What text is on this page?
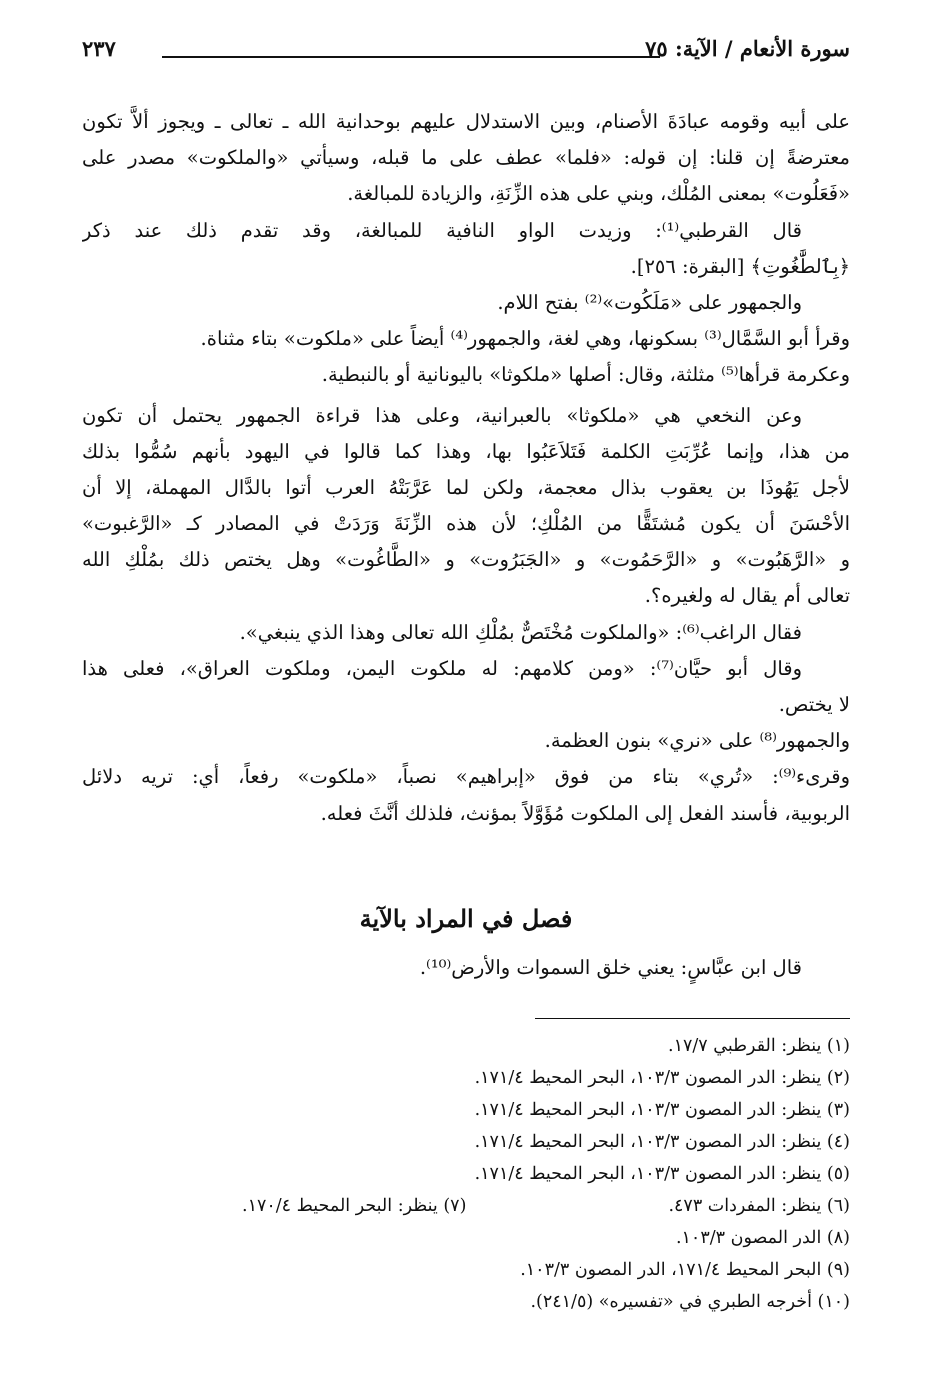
سورة الأنعام / الآية: ٧٥
٢٣٧
على أبيه وقومه عبادَةَ الأصنام، وبين الاستدلال عليهم بوحدانية الله ـ تعالى ـ ويجوز ألاَّ تكون
معترضةً إن قلنا: إن قوله: «فلما» عطف على ما قبله، وسيأتي «والملكوت» مصدر على
«فَعَلُوت» بمعنى المُلْك، وبني على هذه الزِّنَةِ، والزيادة للمبالغة.
قال القرطبي⁽¹⁾: وزيدت الواو النافية للمبالغة، وقد تقدم ذلك عند ذكر
﴿بِٱلطَّٰغُوتِ﴾ [البقرة: ٢٥٦].
والجمهور على «مَلَكُوت»⁽²⁾ بفتح اللام.
وقرأ أبو السَّمَّال⁽³⁾ بسكونها، وهي لغة، والجمهور⁽⁴⁾ أيضاً على «ملكوت» بتاء مثناة.
وعكرمة قرأها⁽⁵⁾ مثلثة، وقال: أصلها «ملكوثا» باليونانية أو بالنبطية.
وعن النخعي هي «ملكوثا» بالعبرانية، وعلى هذا قراءة الجمهور يحتمل أن تكون
من هذا، وإنما عُرِّبَتِ الكلمة فَتَلاَعَبُوا بها، وهذا كما قالوا في اليهود بأنهم سُمُّوا بذلك
لأجل يَهُوذَا بن يعقوب بذال معجمة، ولكن لما عَرَّبَتْهُ العرب أتوا بالدَّال المهملة، إلا أن
الأحْسَنَ أن يكون مُشتَقًّا من المُلْكِ؛ لأن هذه الزِّنَةَ وَرَدَتْ في المصادر كـ «الرَّغبوت»
و «الرَّهَبُوت» و «الرَّحَمُوت» و «الجَبَرُوت» و «الطَّاغُوت» وهل يختص ذلك بمُلْكِ الله
تعالى أم يقال له ولغيره؟.
فقال الراغب⁽⁶⁾: «والملكوت مُخْتَصٌّ بمُلْكِ الله تعالى وهذا الذي ينبغي».
وقال أبو حيَّان⁽⁷⁾: «ومن كلامهم: له ملكوت اليمن، وملكوت العراق»، فعلى هذا
لا يختص.
والجمهور⁽⁸⁾ على «نري» بنون العظمة.
وقرىء⁽⁹⁾: «تُري» بتاء من فوق «إبراهيم» نصباً، «ملكوت» رفعاً، أي: تريه دلائل
الربوبية، فأسند الفعل إلى الملكوت مُؤَوَّلاً بمؤنث، فلذلك أنَّثَ فعله.
فصل في المراد بالآية
قال ابن عبَّاسٍ: يعني خلق السموات والأرض⁽¹⁰⁾.
(١) ينظر: القرطبي ١٧/٧.
(٢) ينظر: الدر المصون ١٠٣/٣، البحر المحيط ١٧١/٤.
(٣) ينظر: الدر المصون ١٠٣/٣، البحر المحيط ١٧١/٤.
(٤) ينظر: الدر المصون ١٠٣/٣، البحر المحيط ١٧١/٤.
(٥) ينظر: الدر المصون ١٠٣/٣، البحر المحيط ١٧١/٤.
(٦) ينظر: المفردات ٤٧٣.
(٧) ينظر: البحر المحيط ١٧٠/٤.
(٨) الدر المصون ١٠٣/٣.
(٩) البحر المحيط ١٧١/٤، الدر المصون ١٠٣/٣.
(١٠) أخرجه الطبري في «تفسيره» (٢٤١/٥).
